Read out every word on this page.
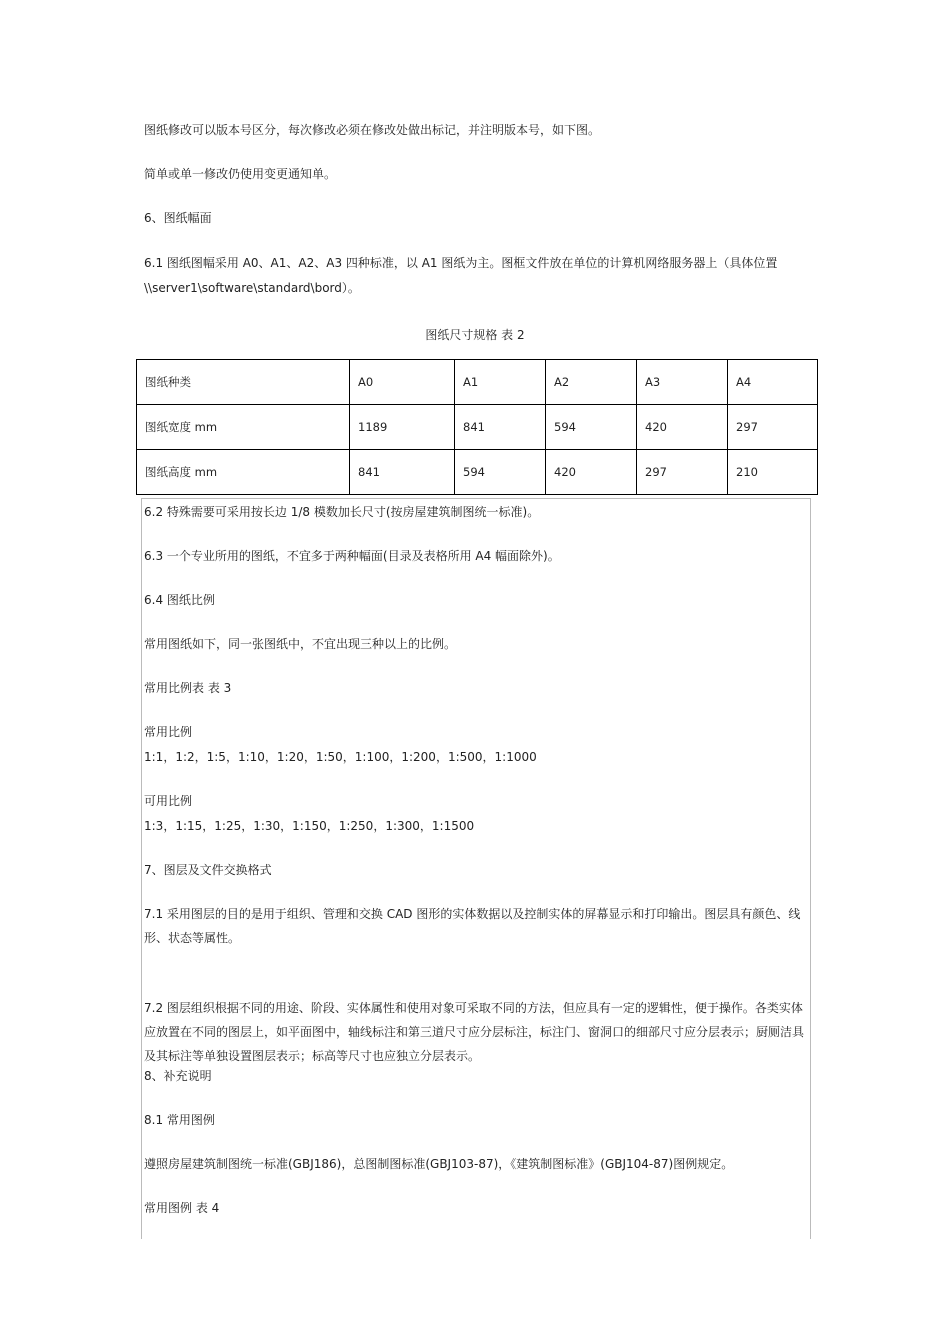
图纸修改可以版本号区分，每次修改必须在修改处做出标记，并注明版本号，如下图。
简单或单一修改仍使用变更通知单。
6、图纸幅面
6.1 图纸图幅采用 A0、A1、A2、A3 四种标准，以 A1 图纸为主。图框文件放在单位的计算机网络服务器上（具体位置
\\server1\software\standard\bord）。
图纸尺寸规格 表 2
图纸种类	A0	A1	A2	A3	A4
图纸宽度 mm	1189	841	594	420	297
图纸高度 mm	841	594	420	297	210
6.2 特殊需要可采用按长边 1/8 模数加长尺寸(按房屋建筑制图统一标准)。
6.3 一个专业所用的图纸，不宜多于两种幅面(目录及表格所用 A4 幅面除外)。
6.4 图纸比例
常用图纸如下，同一张图纸中，不宜出现三种以上的比例。
常用比例表 表 3
常用比例
1:1，1:2，1:5，1:10，1:20，1:50，1:100，1:200，1:500，1:1000
可用比例
1:3，1:15，1:25，1:30，1:150，1:250，1:300，1:1500
7、图层及文件交换格式
7.1 采用图层的目的是用于组织、管理和交换 CAD 图形的实体数据以及控制实体的屏幕显示和打印输出。图层具有颜色、线形、状态等属性。
7.2 图层组织根据不同的用途、阶段、实体属性和使用对象可采取不同的方法，但应具有一定的逻辑性，便于操作。各类实体应放置在不同的图层上，如平面图中，轴线标注和第三道尺寸应分层标注，标注门、窗洞口的细部尺寸应分层表示；厨厕洁具及其标注等单独设置图层表示；标高等尺寸也应独立分层表示。
8、补充说明
8.1 常用图例
遵照房屋建筑制图统一标准(GBJ186)，总图制图标准(GBJ103-87)，《建筑制图标准》(GBJ104-87)图例规定。
常用图例 表 4
